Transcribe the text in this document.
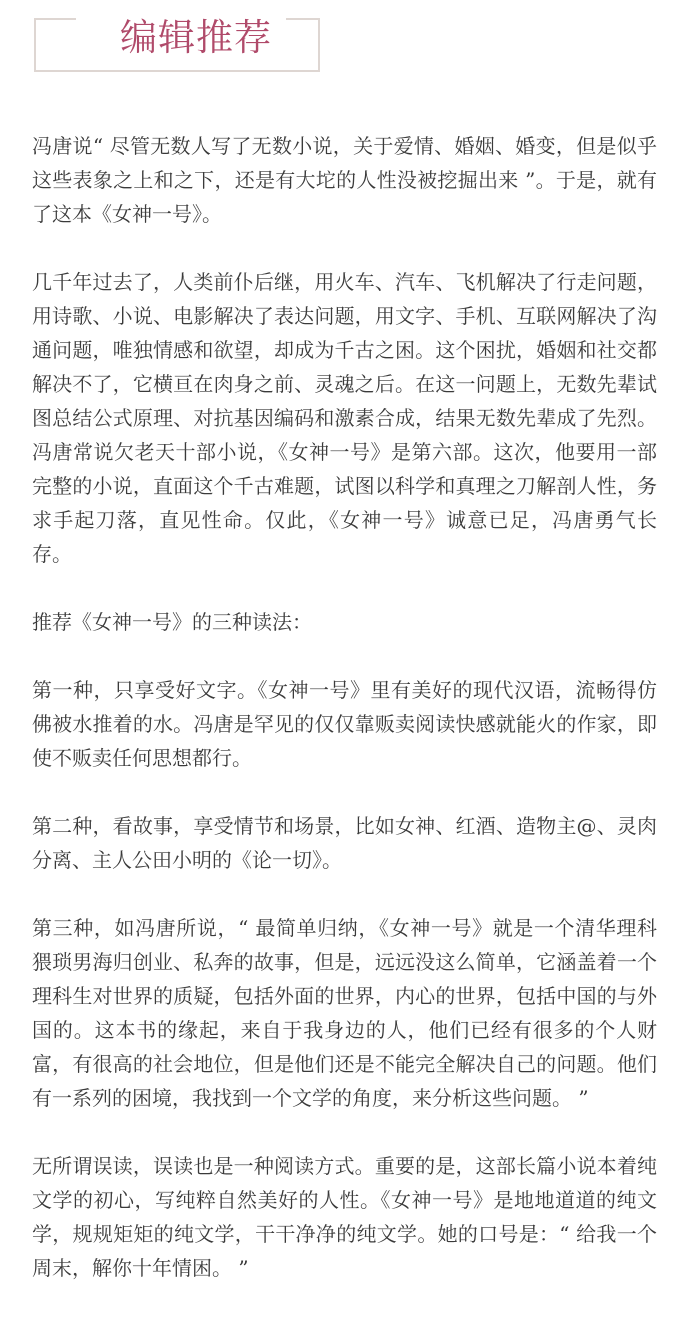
编辑推荐

冯唐说“ 尽管无数人写了无数小说，关于爱情、婚姻、婚变，但是似乎这些表象之上和之下，还是有大坨的人性没被挖掘出来 ”。于是，就有了这本《女神一号》。

几千年过去了，人类前仆后继，用火车、汽车、飞机解决了行走问题，用诗歌、小说、电影解决了表达问题，用文字、手机、互联网解决了沟通问题，唯独情感和欲望，却成为千古之困。这个困扰，婚姻和社交都解决不了，它横亘在肉身之前、灵魂之后。在这一问题上，无数先辈试图总结公式原理、对抗基因编码和激素合成，结果无数先辈成了先烈。冯唐常说欠老天十部小说，《女神一号》是第六部。这次，他要用一部完整的小说，直面这个千古难题，试图以科学和真理之刀解剖人性，务求手起刀落，直见性命。仅此，《女神一号》诚意已足，冯唐勇气长存。

推荐《女神一号》的三种读法：

第一种，只享受好文字。《女神一号》里有美好的现代汉语，流畅得仿佛被水推着的水。冯唐是罕见的仅仅靠贩卖阅读快感就能火的作家，即使不贩卖任何思想都行。

第二种，看故事，享受情节和场景，比如女神、红酒、造物主@、灵肉分离、主人公田小明的《论一切》。

第三种，如冯唐所说，“ 最简单归纳，《女神一号》就是一个清华理科猥琐男海归创业、私奔的故事，但是，远远没这么简单，它涵盖着一个理科生对世界的质疑，包括外面的世界，内心的世界，包括中国的与外国的。这本书的缘起，来自于我身边的人，他们已经有很多的个人财富，有很高的社会地位，但是他们还是不能完全解决自己的问题。他们有一系列的困境，我找到一个文学的角度，来分析这些问题。 ”

无所谓误读，误读也是一种阅读方式。重要的是，这部长篇小说本着纯文学的初心，写纯粹自然美好的人性。《女神一号》是地地道道的纯文学，规规矩矩的纯文学，干干净净的纯文学。她的口号是：“ 给我一个周末，解你十年情困。 ”
